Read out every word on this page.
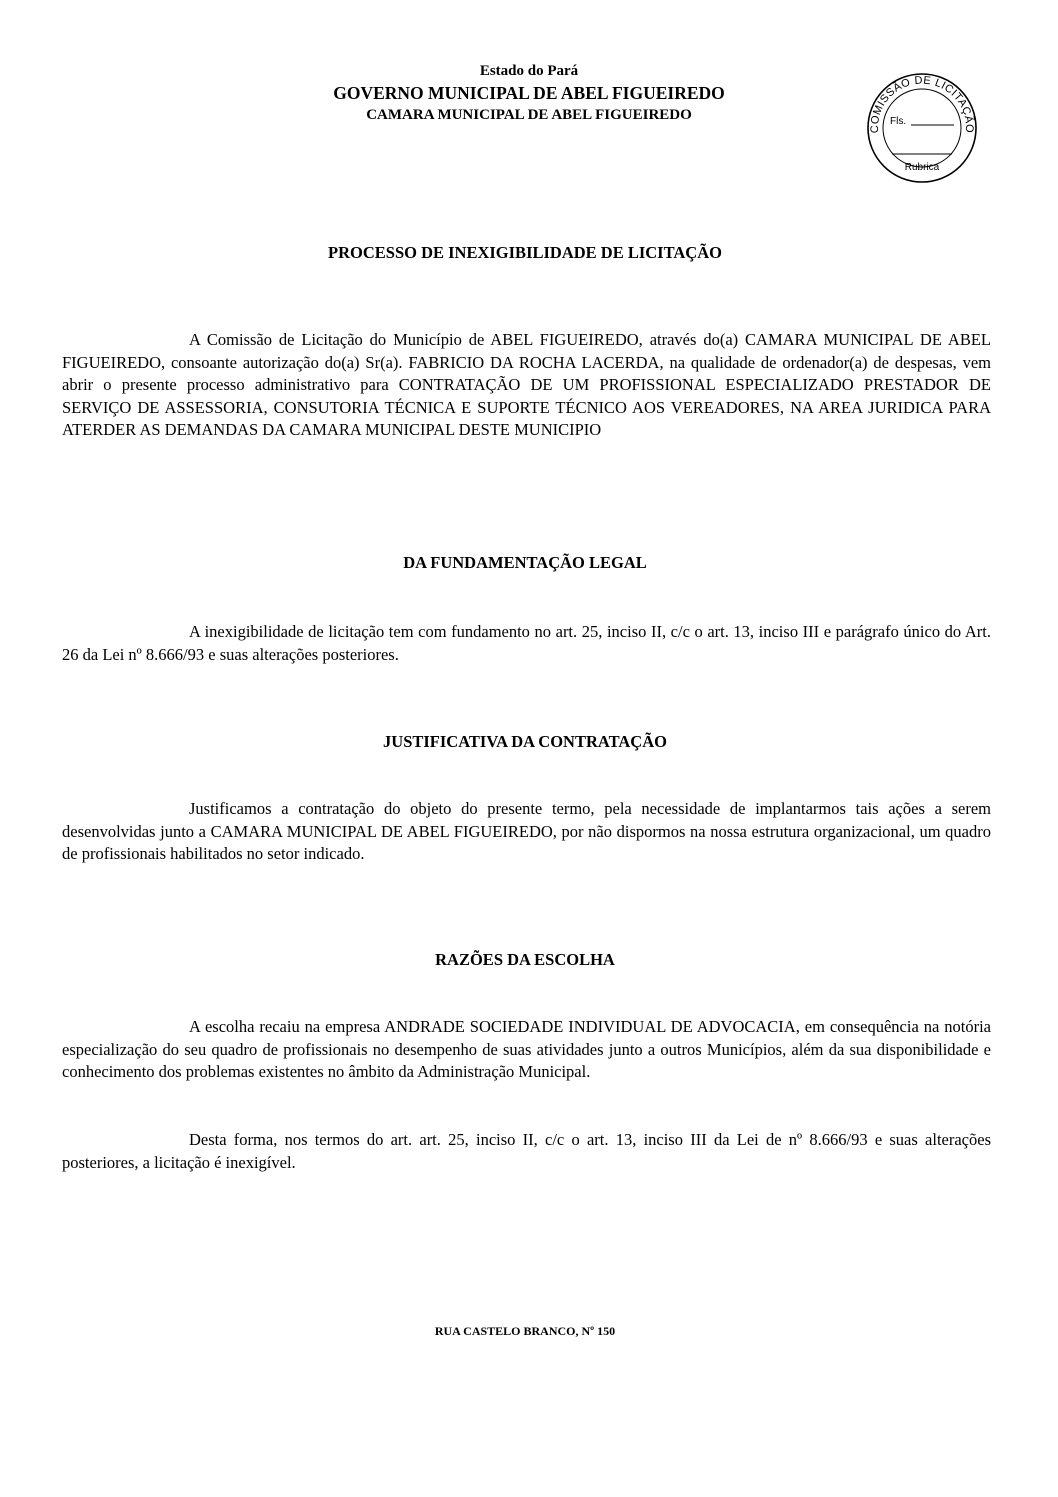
Estado do Pará
GOVERNO MUNICIPAL DE ABEL FIGUEIREDO
CAMARA MUNICIPAL DE ABEL FIGUEIREDO
COMISSÃO DE LICITAÇÃO
Fls.
Rubrica
PROCESSO DE INEXIGIBILIDADE DE LICITAÇÃO

A Comissão de Licitação do Município de ABEL FIGUEIREDO, através do(a) CAMARA MUNICIPAL DE ABEL FIGUEIREDO, consoante autorização do(a) Sr(a). FABRICIO DA ROCHA LACERDA, na qualidade de ordenador(a) de despesas, vem abrir o presente processo administrativo para CONTRATAÇÃO DE UM PROFISSIONAL ESPECIALIZADO PRESTADOR DE SERVIÇO DE ASSESSORIA, CONSUTORIA TÉCNICA E SUPORTE TÉCNICO AOS VEREADORES, NA AREA JURIDICA PARA ATERDER AS DEMANDAS DA CAMARA MUNICIPAL DESTE MUNICIPIO

DA FUNDAMENTAÇÃO LEGAL

A inexigibilidade de licitação tem com fundamento no art. 25, inciso II, c/c o art. 13, inciso III e parágrafo único do Art. 26 da Lei nº 8.666/93 e suas alterações posteriores.

JUSTIFICATIVA DA CONTRATAÇÃO

Justificamos a contratação do objeto do presente termo, pela necessidade de implantarmos tais ações a serem desenvolvidas junto a CAMARA MUNICIPAL DE ABEL FIGUEIREDO, por não dispormos na nossa estrutura organizacional, um quadro de profissionais habilitados no setor indicado.

RAZÕES DA ESCOLHA

A escolha recaiu na empresa ANDRADE SOCIEDADE INDIVIDUAL DE ADVOCACIA, em consequência na notória especialização do seu quadro de profissionais no desempenho de suas atividades junto a outros Municípios, além da sua disponibilidade e conhecimento dos problemas existentes no âmbito da Administração Municipal.

Desta forma, nos termos do art. art. 25, inciso II, c/c o art. 13, inciso III da Lei de nº 8.666/93 e suas alterações posteriores, a licitação é inexigível.

RUA CASTELO BRANCO, Nº 150
